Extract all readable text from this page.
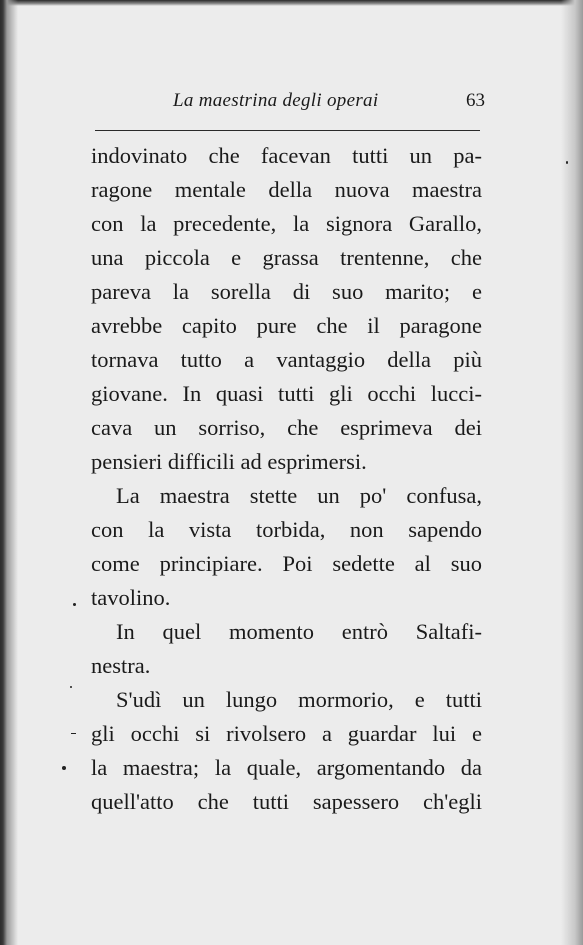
La maestrina degli operai	63
indovinato che facevan tutti un pa-
ragone mentale della nuova maestra
con la precedente, la signora Garallo,
una piccola e grassa trentenne, che
pareva la sorella di suo marito; e
avrebbe capito pure che il paragone
tornava tutto a vantaggio della più
giovane. In quasi tutti gli occhi lucci-
cava un sorriso, che esprimeva dei
pensieri difficili ad esprimersi.
La maestra stette un po' confusa,
con la vista torbida, non sapendo
come principiare. Poi sedette al suo
tavolino.
In quel momento entrò Saltafi-
nestra.
S'udì un lungo mormorio, e tutti
gli occhi si rivolsero a guardar lui e
la maestra; la quale, argomentando da
quell'atto che tutti sapessero ch'egli
